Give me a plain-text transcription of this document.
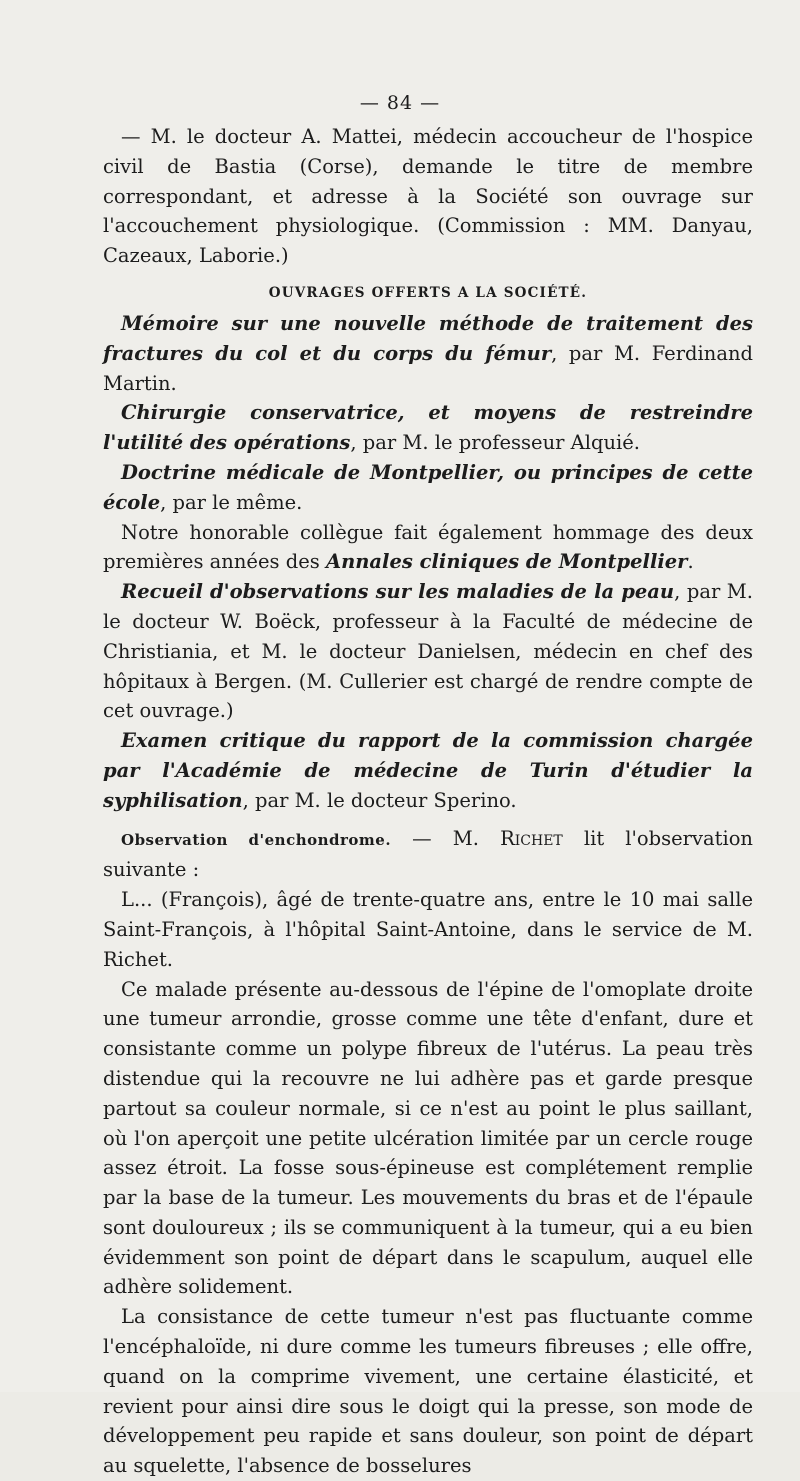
— 84 —

— M. le docteur A. Mattei, médecin accoucheur de l'hospice civil de Bastia (Corse), demande le titre de membre correspondant, et adresse à la Société son ouvrage sur l'accouchement physiologique. (Commission : MM. Danyau, Cazeaux, Laborie.)

OUVRAGES OFFERTS A LA SOCIÉTÉ.

Mémoire sur une nouvelle méthode de traitement des fractures du col et du corps du fémur, par M. Ferdinand Martin.

Chirurgie conservatrice, et moyens de restreindre l'utilité des opérations, par M. le professeur Alquié.

Doctrine médicale de Montpellier, ou principes de cette école, par le même.

Notre honorable collègue fait également hommage des deux premières années des Annales cliniques de Montpellier.

Recueil d'observations sur les maladies de la peau, par M. le docteur W. Boëck, professeur à la Faculté de médecine de Christiania, et M. le docteur Danielsen, médecin en chef des hôpitaux à Bergen. (M. Cullerier est chargé de rendre compte de cet ouvrage.)

Examen critique du rapport de la commission chargée par l'Académie de médecine de Turin d'étudier la syphilisation, par M. le docteur Sperino.

Observation d'enchondrome. — M. Richet lit l'observation suivante :

L... (François), âgé de trente-quatre ans, entre le 10 mai salle Saint-François, à l'hôpital Saint-Antoine, dans le service de M. Richet.

Ce malade présente au-dessous de l'épine de l'omoplate droite une tumeur arrondie, grosse comme une tête d'enfant, dure et consistante comme un polype fibreux de l'utérus. La peau très distendue qui la recouvre ne lui adhère pas et garde presque partout sa couleur normale, si ce n'est au point le plus saillant, où l'on aperçoit une petite ulcération limitée par un cercle rouge assez étroit. La fosse sous-épineuse est complétement remplie par la base de la tumeur. Les mouvements du bras et de l'épaule sont douloureux ; ils se communiquent à la tumeur, qui a eu bien évidemment son point de départ dans le scapulum, auquel elle adhère solidement.

La consistance de cette tumeur n'est pas fluctuante comme l'encéphaloïde, ni dure comme les tumeurs fibreuses ; elle offre, quand on la comprime vivement, une certaine élasticité, et revient pour ainsi dire sous le doigt qui la presse, son mode de développement peu rapide et sans douleur, son point de départ au squelette, l'absence de bosselures
